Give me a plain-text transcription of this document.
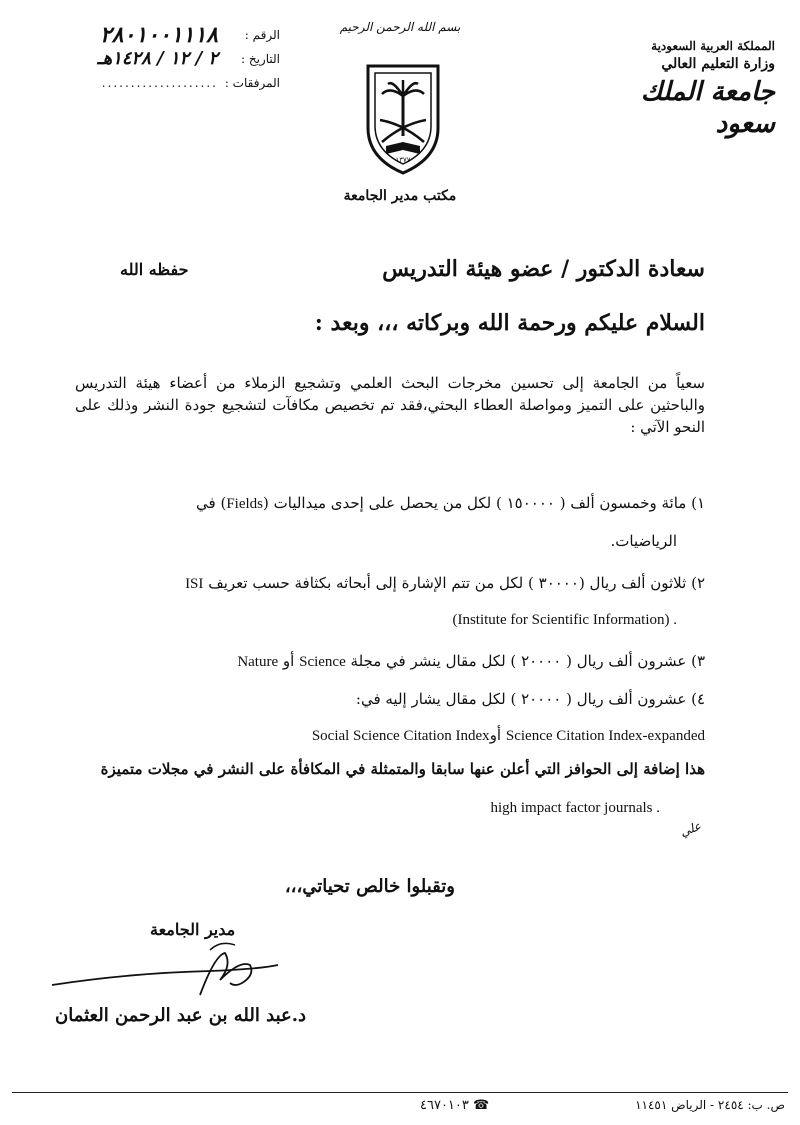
المملكة العربية السعودية
وزارة التعليم العالي
جامعة الملك سعود
بسم الله الرحمن الرحيم
١٣٧٧
مكتب مدير الجامعة
الرقم :
٢٨٠١٠٠١١١٨
التاريخ :
٢ / ١٢ / ١٤٢٨هـ
المرفقات :
....................
سعادة الدكتور / عضو هيئة التدريس
حفظه الله
السلام عليكم ورحمة الله وبركاته ،،، وبعد :

سعياً من الجامعة إلى تحسين مخرجات البحث العلمي وتشجيع الزملاء من أعضاء هيئة التدريس والباحثين على التميز ومواصلة العطاء البحثي،فقد تم تخصيص مكافآت لتشجيع جودة النشر وذلك على النحو الآتي :

١) مائة وخمسون ألف ( ١٥٠٠٠٠ ) لكل من يحصل على إحدى ميداليات (Fields) في
الرياضيات.
٢) ثلاثون ألف ريال (٣٠٠٠٠ ) لكل من تتم الإشارة إلى أبحاثه بكثافة حسب تعريف ISI
(Institute for Scientific Information) .
٣) عشرون ألف ريال ( ٢٠٠٠٠ ) لكل مقال ينشر في مجلة Science أو Nature
٤) عشرون ألف ريال ( ٢٠٠٠٠ ) لكل مقال يشار إليه في:
Science Citation Index-expanded أوSocial Science Citation Index
هذا إضافة إلى الحوافز التي أعلن عنها سابقا والمتمثلة في المكافأة على النشر في مجلات متميزة
high impact factor journals .
علي
وتقبلوا خالص تحياتي،،،
مدير الجامعة
د.عبد الله بن عبد الرحمن العثمان
ص. ب: ٢٤٥٤ - الرياض ١١٤٥١
٤٦٧٠١٠٣ ☎
